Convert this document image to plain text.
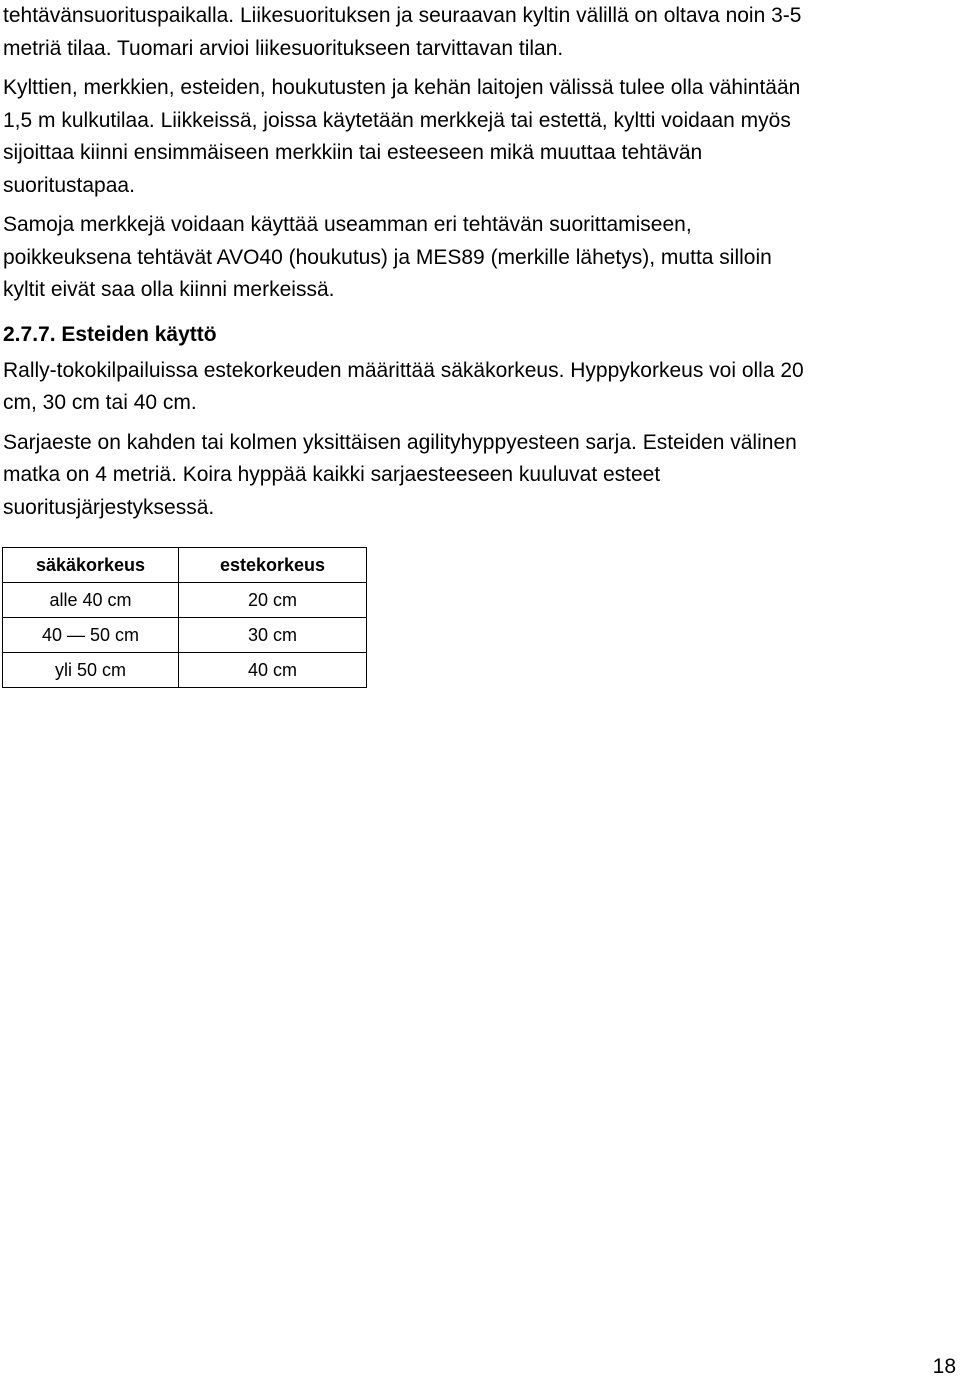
tehtävänsuorituspaikalla. Liikesuorituksen ja seuraavan kyltin välillä on oltava noin 3-5
metriä tilaa. Tuomari arvioi liikesuoritukseen tarvittavan tilan.
Kylttien, merkkien, esteiden, houkutusten ja kehän laitojen välissä tulee olla vähintään
1,5 m kulkutilaa. Liikkeissä, joissa käytetään merkkejä tai estettä, kyltti voidaan myös
sijoittaa kiinni ensimmäiseen merkkiin tai esteeseen mikä muuttaa tehtävän
suoritustapaa.
Samoja merkkejä voidaan käyttää useamman eri tehtävän suorittamiseen,
poikkeuksena tehtävät AVO40 (houkutus) ja MES89 (merkille lähetys), mutta silloin
kyltit eivät saa olla kiinni merkeissä.
2.7.7. Esteiden käyttö
Rally-tokokilpailuissa estekorkeuden määrittää säkäkorkeus. Hyppykorkeus voi olla 20
cm, 30 cm tai 40 cm.
Sarjaeste on kahden tai kolmen yksittäisen agilityhyppyesteen sarja. Esteiden välinen
matka on 4 metriä. Koira hyppää kaikki sarjaesteeseen kuuluvat esteet
suoritusjärjestyksessä.
säkäkorkeus	estekorkeus
alle 40 cm	20 cm
40 — 50 cm	30 cm
yli 50 cm	40 cm
18
